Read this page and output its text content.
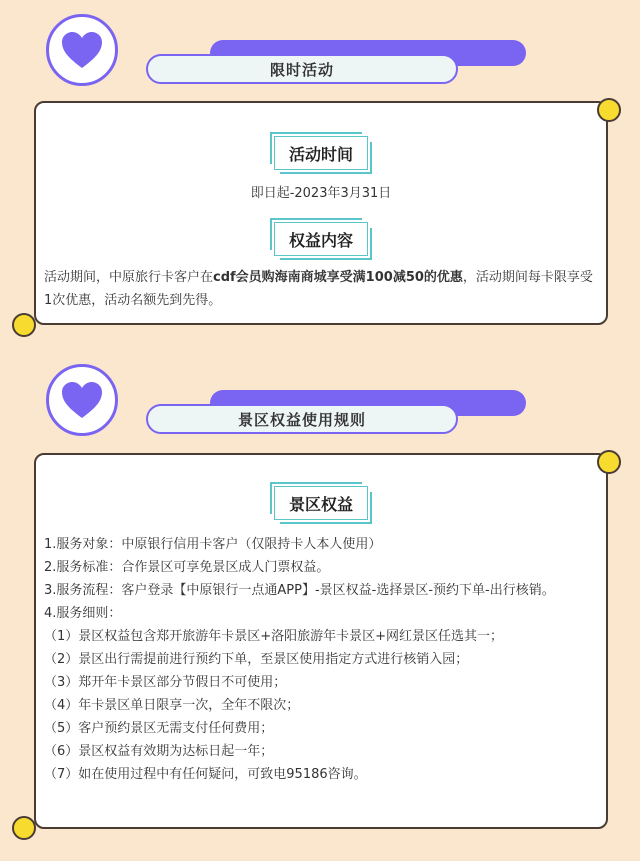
限时活动
活动时间
即日起-2023年3月31日
权益内容
活动期间，中原旅行卡客户在cdf会员购海南商城享受满100减50的优惠，活动期间每卡限享受1次优惠，活动名额先到先得。
景区权益使用规则
景区权益
1.服务对象：中原银行信用卡客户（仅限持卡人本人使用）
2.服务标准：合作景区可享免景区成人门票权益。
3.服务流程：客户登录【中原银行一点通APP】-景区权益-选择景区-预约下单-出行核销。
4.服务细则：
（1）景区权益包含郑开旅游年卡景区+洛阳旅游年卡景区+网红景区任选其一；
（2）景区出行需提前进行预约下单，至景区使用指定方式进行核销入园；
（3）郑开年卡景区部分节假日不可使用；
（4）年卡景区单日限享一次，全年不限次；
（5）客户预约景区无需支付任何费用；
（6）景区权益有效期为达标日起一年；
（7）如在使用过程中有任何疑问，可致电95186咨询。
